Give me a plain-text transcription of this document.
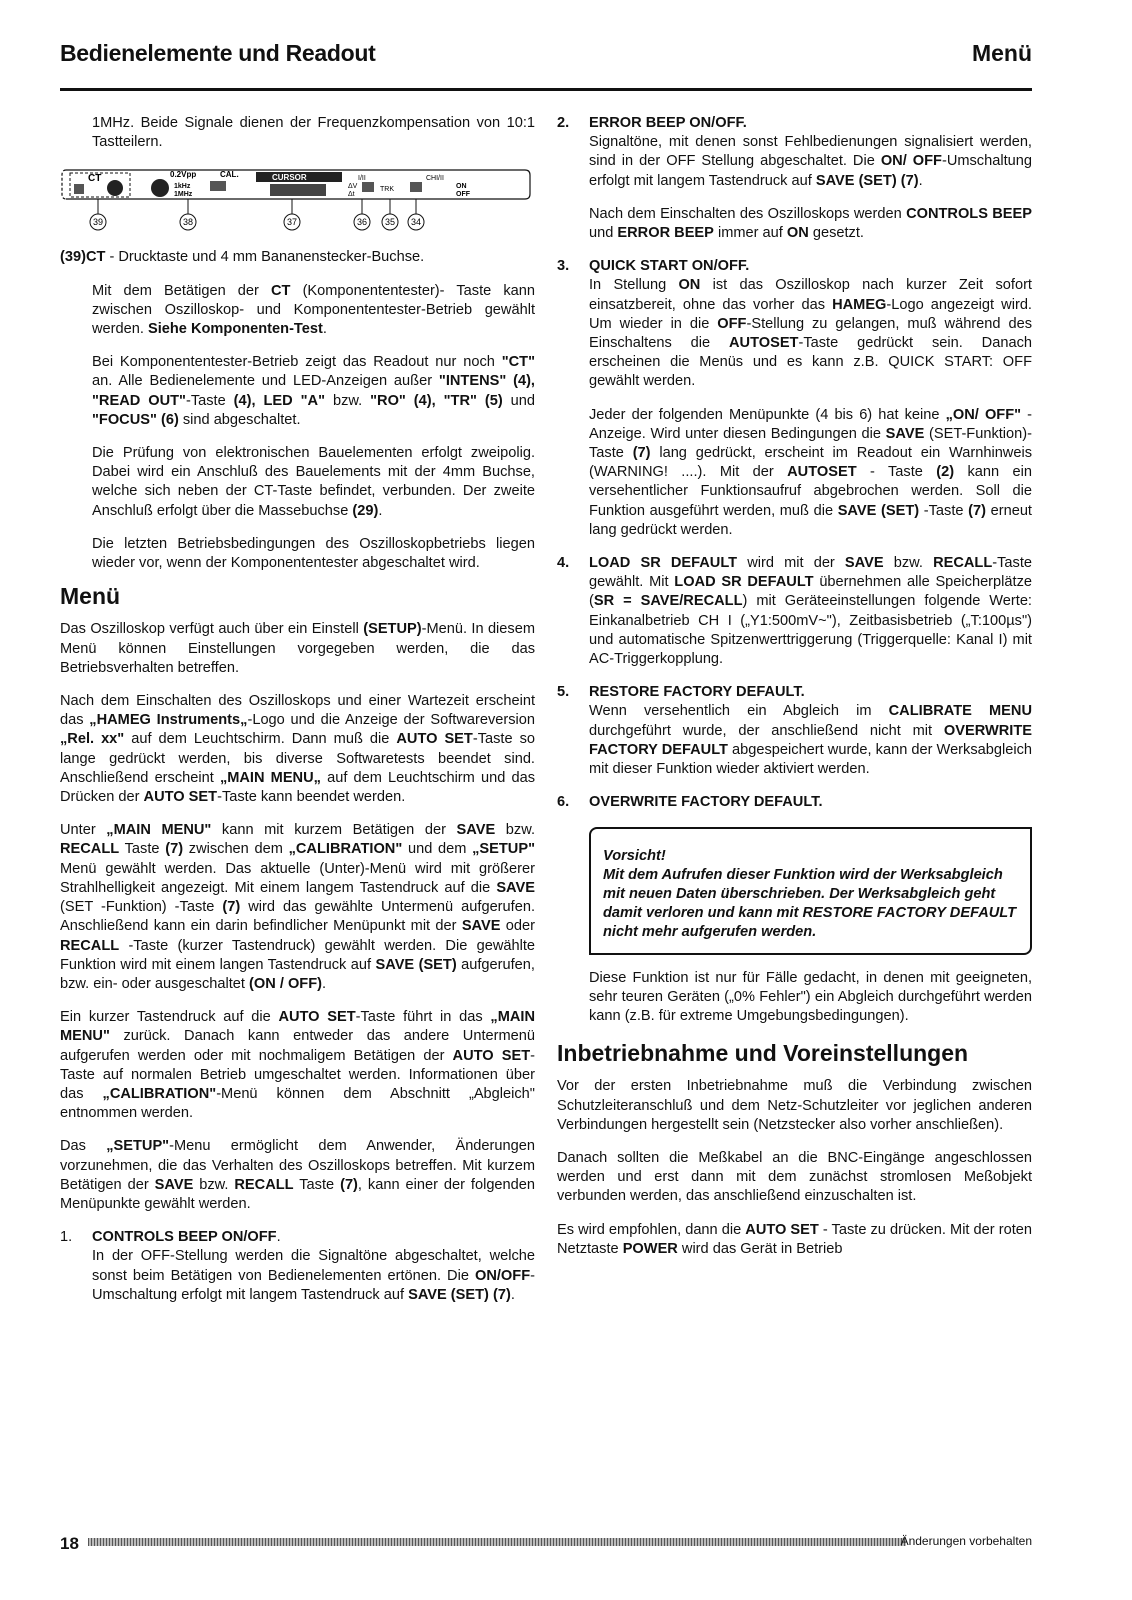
Bedienelemente und Readout	Menü

1MHz. Beide Signale dienen der Frequenzkompensation von 10:1 Tastteilern.

CT	0.2Vpp	CAL.
1kHz
1MHz
CURSOR	I/II
ΔV
Δt
TRK
CHI/II
ON
OFF
39	38	37	36 35 34

(39)CT - Drucktaste und 4 mm Bananenstecker-Buchse.

Mit dem Betätigen der CT (Komponententester)- Taste kann zwischen Oszilloskop- und Komponententester-Betrieb gewählt werden. Siehe Komponenten-Test.

Bei Komponententester-Betrieb zeigt das Readout nur noch "CT" an. Alle Bedienelemente und LED-Anzeigen außer "INTENS" (4), "READ OUT"-Taste (4), LED "A" bzw. "RO" (4), "TR" (5) und "FOCUS" (6) sind abgeschaltet.

Die Prüfung von elektronischen Bauelementen erfolgt zweipolig. Dabei wird ein Anschluß des Bauelements mit der 4mm Buchse, welche sich neben der CT-Taste befindet, verbunden. Der zweite Anschluß erfolgt über die Massebuchse (29).

Die letzten Betriebsbedingungen des Oszilloskopbetriebs liegen wieder vor, wenn der Komponententester abgeschaltet wird.

Menü

Das Oszilloskop verfügt auch über ein Einstell (SETUP)-Menü. In diesem Menü können Einstellungen vorgegeben werden, die das Betriebsverhalten betreffen.

Nach dem Einschalten des Oszilloskops und einer Wartezeit erscheint das „HAMEG Instruments„-Logo und die Anzeige der Softwareversion „Rel. xx" auf dem Leuchtschirm. Dann muß die AUTO SET-Taste so lange gedrückt werden, bis diverse Softwaretests beendet sind. Anschließend erscheint „MAIN MENU„ auf dem Leuchtschirm und das Drücken der AUTO SET-Taste kann beendet werden.

Unter „MAIN MENU" kann mit kurzem Betätigen der SAVE bzw. RECALL Taste (7) zwischen dem „CALIBRATION" und dem „SETUP" Menü gewählt werden. Das aktuelle (Unter)-Menü wird mit größerer Strahlhelligkeit angezeigt. Mit einem langem Tastendruck auf die SAVE (SET -Funktion) -Taste (7) wird das gewählte Untermenü aufgerufen. Anschließend kann ein darin befindlicher Menüpunkt mit der SAVE oder RECALL -Taste (kurzer Tastendruck) gewählt werden. Die gewählte Funktion wird mit einem langen Tastendruck auf SAVE (SET) aufgerufen, bzw. ein- oder ausgeschaltet (ON / OFF).

Ein kurzer Tastendruck auf die AUTO SET-Taste führt in das „MAIN MENU" zurück. Danach kann entweder das andere Untermenü aufgerufen werden oder mit nochmaligem Betätigen der AUTO SET-Taste auf normalen Betrieb umgeschaltet werden. Informationen über das „CALIBRATION"-Menü können dem Abschnitt „Abgleich" entnommen werden.

Das „SETUP"-Menu ermöglicht dem Anwender, Änderungen vorzunehmen, die das Verhalten des Oszilloskops betreffen. Mit kurzem Betätigen der SAVE bzw. RECALL Taste (7), kann einer der folgenden Menüpunkte gewählt werden.

1. CONTROLS BEEP ON/OFF.

In der OFF-Stellung werden die Signaltöne abgeschaltet, welche sonst beim Betätigen von Bedienelementen ertönen. Die ON/OFF-Umschaltung erfolgt mit langem Tastendruck auf SAVE (SET) (7).

2. ERROR BEEP ON/OFF.

Signaltöne, mit denen sonst Fehlbedienungen signalisiert werden, sind in der OFF Stellung abgeschaltet. Die ON/ OFF-Umschaltung erfolgt mit langem Tastendruck auf SAVE (SET) (7).

Nach dem Einschalten des Oszilloskops werden CONTROLS BEEP und ERROR BEEP immer auf ON gesetzt.

3. QUICK START ON/OFF.

In Stellung ON ist das Oszilloskop nach kurzer Zeit sofort einsatzbereit, ohne das vorher das HAMEG-Logo angezeigt wird. Um wieder in die OFF-Stellung zu gelangen, muß während des Einschaltens die AUTOSET-Taste gedrückt sein. Danach erscheinen die Menüs und es kann z.B. QUICK START: OFF gewählt werden.

Jeder der folgenden Menüpunkte (4 bis 6) hat keine „ON/ OFF" -Anzeige. Wird unter diesen Bedingungen die SAVE (SET-Funktion)-Taste (7) lang gedrückt, erscheint im Readout ein Warnhinweis (WARNING! ....). Mit der AUTOSET - Taste (2) kann ein versehentlicher Funktionsaufruf abgebrochen werden. Soll die Funktion ausgeführt werden, muß die SAVE (SET) -Taste (7) erneut lang gedrückt werden.

4. LOAD SR DEFAULT wird mit der SAVE bzw. RECALL-Taste gewählt. Mit LOAD SR DEFAULT übernehmen alle Speicherplätze (SR = SAVE/RECALL) mit Geräteeinstellungen folgende Werte: Einkanalbetrieb CH I („Y1:500mV~"), Zeitbasisbetrieb („T:100µs") und automatische Spitzenwerttriggerung (Triggerquelle: Kanal I) mit AC-Triggerkopplung.

5. RESTORE FACTORY DEFAULT.

Wenn versehentlich ein Abgleich im CALIBRATE MENU durchgeführt wurde, der anschließend nicht mit OVERWRITE FACTORY DEFAULT abgespeichert wurde, kann der Werksabgleich mit dieser Funktion wieder aktiviert werden.

6. OVERWRITE FACTORY DEFAULT.

Vorsicht!

Mit dem Aufrufen dieser Funktion wird der Werksabgleich mit neuen Daten überschrieben. Der Werksabgleich geht damit verloren und kann mit RESTORE FACTORY DEFAULT nicht mehr aufgerufen werden.

Diese Funktion ist nur für Fälle gedacht, in denen mit geeigneten, sehr teuren Geräten („0% Fehler") ein Abgleich durchgeführt werden kann (z.B. für extreme Umgebungsbedingungen).

Inbetriebnahme und Voreinstellungen

Vor der ersten Inbetriebnahme muß die Verbindung zwischen Schutzleiteranschluß und dem Netz-Schutzleiter vor jeglichen anderen Verbindungen hergestellt sein (Netzstecker also vorher anschließen).

Danach sollten die Meßkabel an die BNC-Eingänge angeschlossen werden und erst dann mit dem zunächst stromlosen Meßobjekt verbunden werden, das anschließend einzuschalten ist.

Es wird empfohlen, dann die AUTO SET - Taste zu drücken. Mit der roten Netztaste POWER wird das Gerät in Betrieb

18	Änderungen vorbehalten
